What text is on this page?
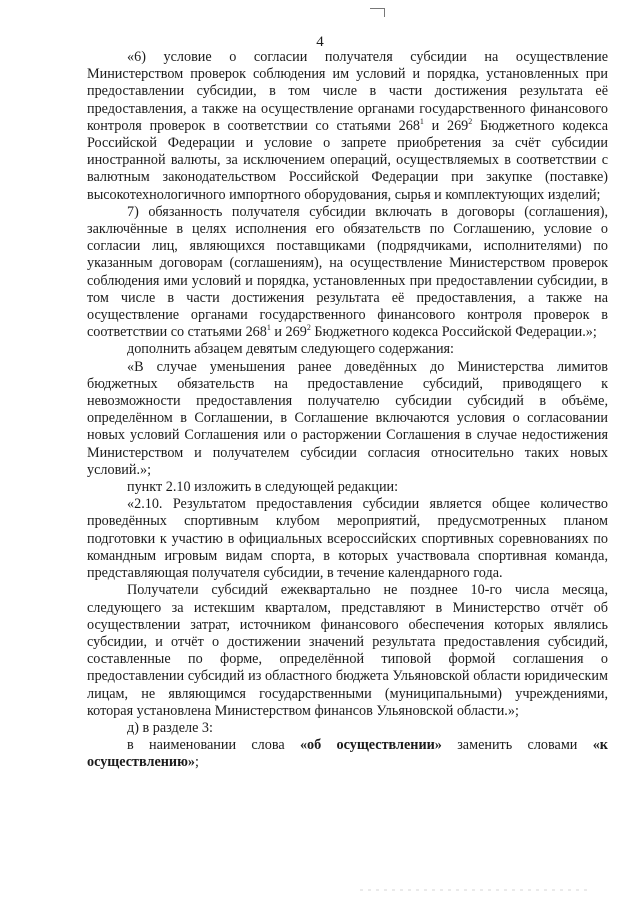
4

«6) условие о согласии получателя субсидии на осуществление Министерством проверок соблюдения им условий и порядка, установленных при предоставлении субсидии, в том числе в части достижения результата её предоставления, а также на осуществление органами государственного финансового контроля проверок в соответствии со статьями $268^1$ и $269^2$ Бюджетного кодекса Российской Федерации и условие о запрете приобретения за счёт субсидии иностранной валюты, за исключением операций, осуществляемых в соответствии с валютным законодательством Российской Федерации при закупке (поставке) высокотехнологичного импортного оборудования, сырья и комплектующих изделий;

7) обязанность получателя субсидии включать в договоры (соглашения), заключённые в целях исполнения его обязательств по Соглашению, условие о согласии лиц, являющихся поставщиками (подрядчиками, исполнителями) по указанным договорам (соглашениям), на осуществление Министерством проверок соблюдения ими условий и порядка, установленных при предоставлении субсидии, в том числе в части достижения результата её предоставления, а также на осуществление органами государственного финансового контроля проверок в соответствии со статьями $268^1$ и $269^2$ Бюджетного кодекса Российской Федерации.»;

дополнить абзацем девятым следующего содержания:

«В случае уменьшения ранее доведённых до Министерства лимитов бюджетных обязательств на предоставление субсидий, приводящего к невозможности предоставления получателю субсидии субсидий в объёме, определённом в Соглашении, в Соглашение включаются условия о согласовании новых условий Соглашения или о расторжении Соглашения в случае недостижения Министерством и получателем субсидии согласия относительно таких новых условий.»;

пункт 2.10 изложить в следующей редакции:

«2.10. Результатом предоставления субсидии является общее количество проведённых спортивным клубом мероприятий, предусмотренных планом подготовки к участию в официальных всероссийских спортивных соревнованиях по командным игровым видам спорта, в которых участвовала спортивная команда, представляющая получателя субсидии, в течение календарного года.

Получатели субсидий ежеквартально не позднее 10-го числа месяца, следующего за истекшим кварталом, представляют в Министерство отчёт об осуществлении затрат, источником финансового обеспечения которых являлись субсидии, и отчёт о достижении значений результата предоставления субсидий, составленные по форме, определённой типовой формой соглашения о предоставлении субсидий из областного бюджета Ульяновской области юридическим лицам, не являющимся государственными (муниципальными) учреждениями, которая установлена Министерством финансов Ульяновской области.»;

д) в разделе 3:

в наименовании слова «об осуществлении» заменить словами «к осуществлению»;
